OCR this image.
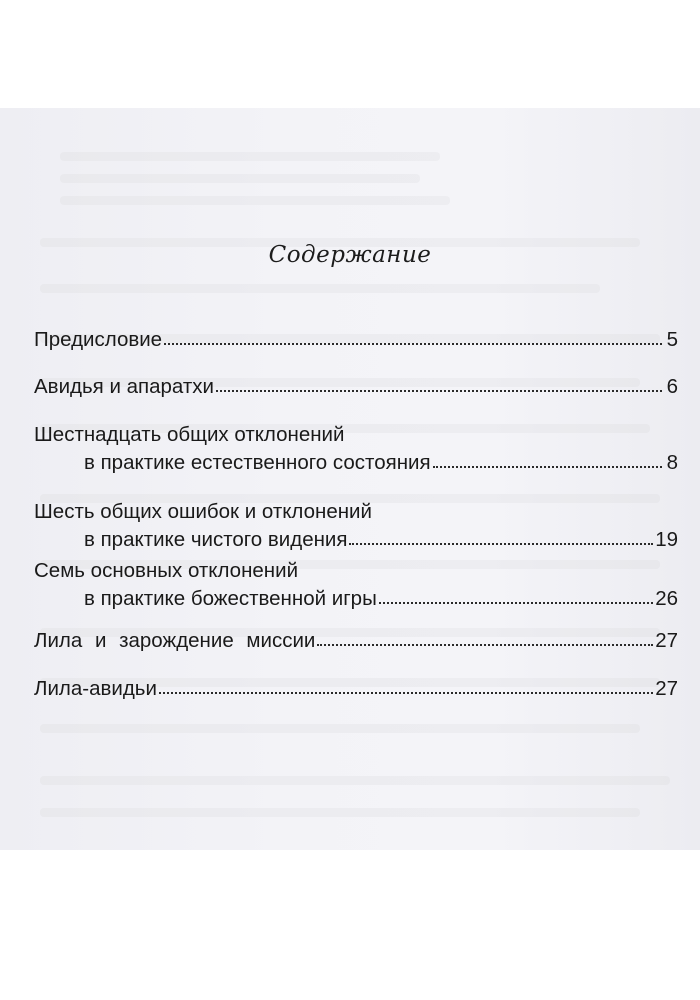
Содержание
Предисловие	5
Авидья и апаратхи	6
Шестнадцать общих отклонений
в практике естественного состояния	8
Шесть общих ошибок и отклонений
в практике чистого видения	19
Семь основных отклонений
в практике божественной игры	26
Лила и зарождение миссии	27
Лила-авидьи	27
